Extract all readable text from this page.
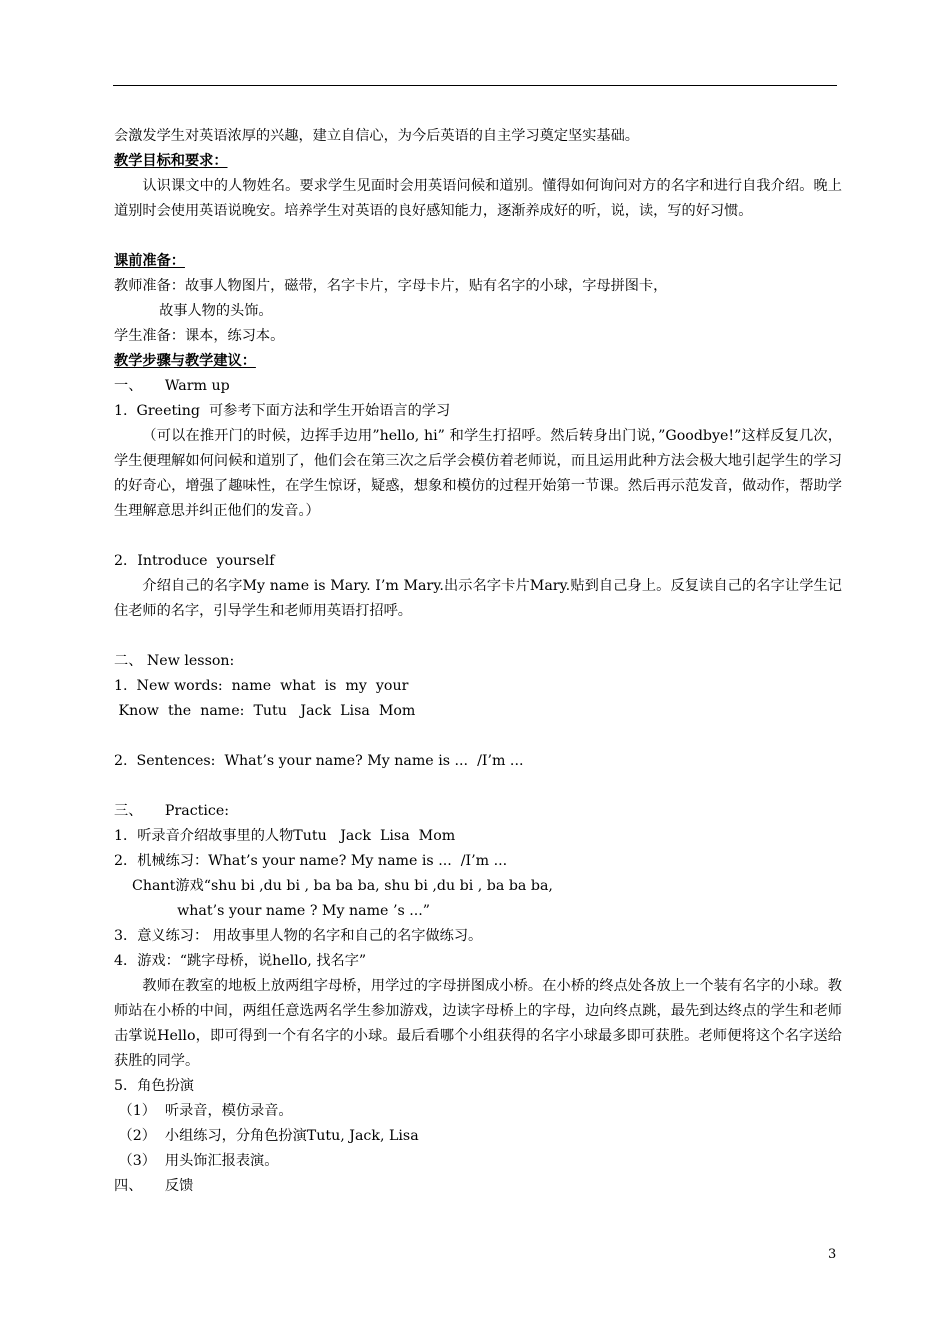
会激发学生对英语浓厚的兴趣，建立自信心，为今后英语的自主学习奠定坚实基础。
教学目标和要求：
认识课文中的人物姓名。要求学生见面时会用英语问候和道别。懂得如何询问对方的名字和进行自我介绍。晚上道别时会使用英语说晚安。培养学生对英语的良好感知能力，逐渐养成好的听，说，读，写的好习惯。
课前准备：
教师准备：故事人物图片，磁带，名字卡片，字母卡片，贴有名字的小球，字母拼图卡，
故事人物的头饰。
学生准备：课本，练习本。
教学步骤与教学建议：
一、     Warm up
1.  Greeting  可参考下面方法和学生开始语言的学习
（可以在推开门的时候，边挥手边用”hello, hi” 和学生打招呼。然后转身出门说，”Goodbye!”这样反复几次，学生便理解如何问候和道别了，他们会在第三次之后学会模仿着老师说，而且运用此种方法会极大地引起学生的学习的好奇心，增强了趣味性，在学生惊讶，疑惑，想象和模仿的过程开始第一节课。然后再示范发音，做动作，帮助学生理解意思并纠正他们的发音。）
2．Introduce  yourself
介绍自己的名字My name is Mary. I’m Mary.出示名字卡片Mary.贴到自己身上。反复读自己的名字让学生记住老师的名字，引导学生和老师用英语打招呼。
二、 New lesson:
1.  New words:  name  what  is  my  your
Know  the  name:  Tutu   Jack  Lisa  Mom
2.  Sentences:  What’s your name? My name is ...  /I’m ...
三、     Practice:
1．听录音介绍故事里的人物Tutu   Jack  Lisa  Mom
2．机械练习：What’s your name? My name is ...  /I’m ...
Chant游戏“shu bi ,du bi , ba ba ba, shu bi ,du bi , ba ba ba,
what’s your name ? My name ’s ...”
3．意义练习： 用故事里人物的名字和自己的名字做练习。
4．游戏：“跳字母桥，说hello, 找名字”
教师在教室的地板上放两组字母桥，用学过的字母拼图成小桥。在小桥的终点处各放上一个装有名字的小球。教师站在小桥的中间，两组任意选两名学生参加游戏，边读字母桥上的字母，边向终点跳，最先到达终点的学生和老师击掌说Hello，即可得到一个有名字的小球。最后看哪个小组获得的名字小球最多即可获胜。老师便将这个名字送给获胜的同学。
5．角色扮演
（1）  听录音，模仿录音。
（2）  小组练习，分角色扮演Tutu, Jack, Lisa
（3）  用头饰汇报表演。
四、     反馈
3
